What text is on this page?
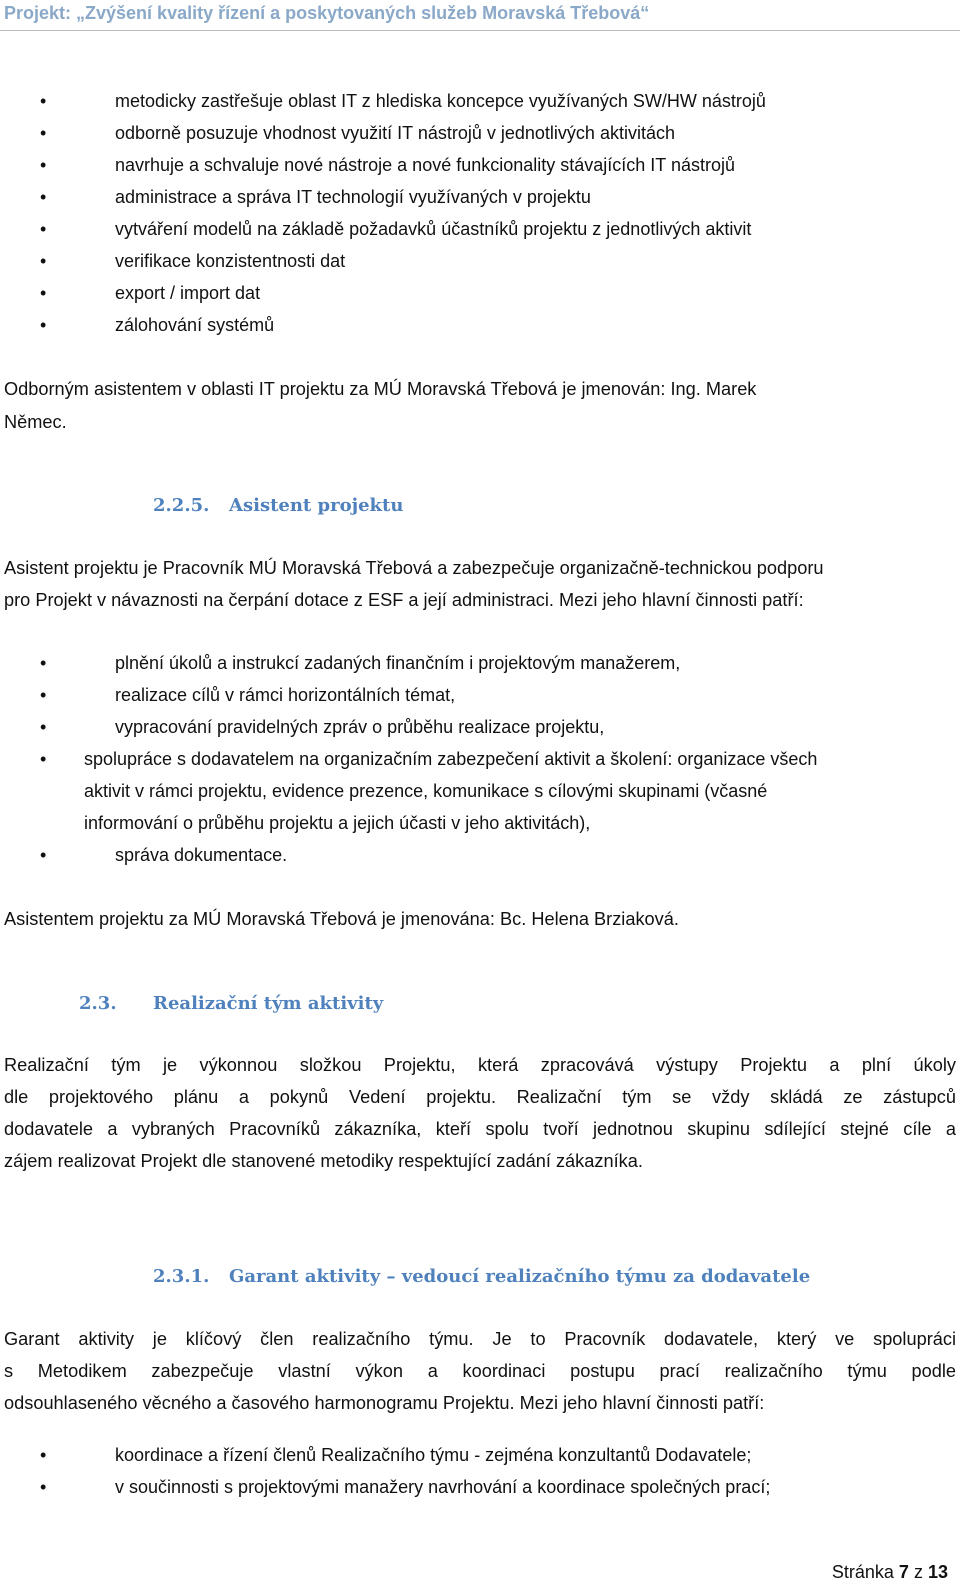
Projekt: „Zvýšení kvality řízení a poskytovaných služeb Moravská Třebová“
•	metodicky zastřešuje oblast IT z hlediska koncepce využívaných SW/HW nástrojů
•	odborně posuzuje vhodnost využití IT nástrojů v jednotlivých aktivitách
•	navrhuje a schvaluje nové nástroje a nové funkcionality stávajících IT nástrojů
•	administrace a správa IT technologií využívaných v projektu
•	vytváření modelů na základě požadavků účastníků projektu z jednotlivých aktivit
•	verifikace konzistentnosti dat
•	export / import dat
•	zálohování systémů
Odborným asistentem v oblasti IT projektu za MÚ Moravská Třebová je jmenován: Ing. Marek
Němec.
2.2.5. Asistent projektu
Asistent projektu je Pracovník MÚ Moravská Třebová a zabezpečuje organizačně-technickou podporu
pro Projekt v návaznosti na čerpání dotace z ESF a její administraci. Mezi jeho hlavní činnosti patří:
•	plnění úkolů a instrukcí zadaných finančním i projektovým manažerem,
•	realizace cílů v rámci horizontálních témat,
•	vypracování pravidelných zpráv o průběhu realizace projektu,
• spolupráce s dodavatelem na organizačním zabezpečení aktivit a školení: organizace všech
aktivit v rámci projektu, evidence prezence, komunikace s cílovými skupinami (včasné
informování o průběhu projektu a jejich účasti v jeho aktivitách),
•	správa dokumentace.
Asistentem projektu za MÚ Moravská Třebová je jmenována: Bc. Helena Brziaková.
2.3. Realizační tým aktivity
Realizační tým je výkonnou složkou Projektu, která zpracovává výstupy Projektu a plní úkoly
dle projektového plánu a pokynů Vedení projektu. Realizační tým se vždy skládá ze zástupců
dodavatele a vybraných Pracovníků zákazníka, kteří spolu tvoří jednotnou skupinu sdílející stejné cíle a
zájem realizovat Projekt dle stanovené metodiky respektující zadání zákazníka.
2.3.1. Garant aktivity – vedoucí realizačního týmu za dodavatele
Garant aktivity je klíčový člen realizačního týmu. Je to Pracovník dodavatele, který ve spolupráci
s Metodikem zabezpečuje vlastní výkon a koordinaci postupu prací realizačního týmu podle
odsouhlaseného věcného a časového harmonogramu Projektu. Mezi jeho hlavní činnosti patří:
•	koordinace a řízení členů Realizačního týmu - zejména konzultantů Dodavatele;
•	v součinnosti s projektovými manažery navrhování a koordinace společných prací;
Stránka 7 z 13
